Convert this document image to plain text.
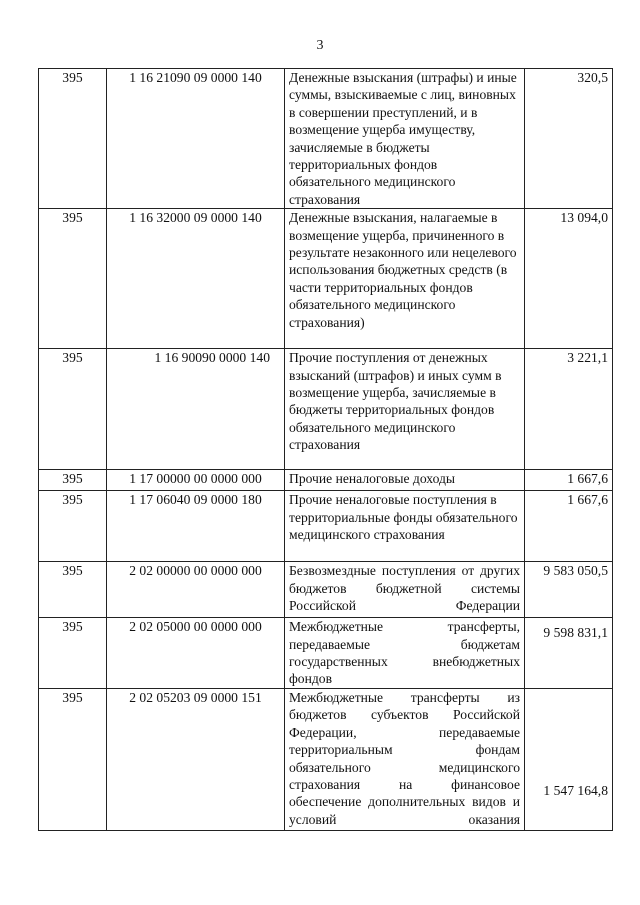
3
395	1 16 21090 09 0000 140	Денежные взыскания (штрафы) и иные суммы, взыскиваемые с лиц, виновных в совершении преступлений, и в возмещение ущерба имуществу, зачисляемые в бюджеты территориальных фондов обязательного медицинского страхования	320,5
395	1 16 32000 09 0000 140	Денежные взыскания, налагаемые в возмещение ущерба, причиненного в результате незаконного или нецелевого использования бюджетных средств (в части территориальных фондов обязательного медицинского страхования)	13 094,0
395	1 16 90090 0000 140	Прочие поступления от денежных взысканий (штрафов) и иных сумм в возмещение ущерба, зачисляемые в бюджеты территориальных фондов обязательного медицинского страхования	3 221,1
395	1 17 00000 00 0000 000	Прочие неналоговые доходы	1 667,6
395	1 17 06040 09 0000 180	Прочие неналоговые поступления в территориальные фонды обязательного медицинского страхования	1 667,6
395	2 02 00000 00 0000 000	Безвозмездные поступления от других бюджетов бюджетной системы Российской Федерации	9 583 050,5
395	2 02 05000 00 0000 000	Межбюджетные трансферты, передаваемые бюджетам государственных внебюджетных фондов	9 598 831,1
395	2 02 05203 09 0000 151	Межбюджетные трансферты из бюджетов субъектов Российской Федерации, передаваемые территориальным фондам обязательного медицинского страхования на финансовое обеспечение дополнительных видов и условий оказания	1 547 164,8
